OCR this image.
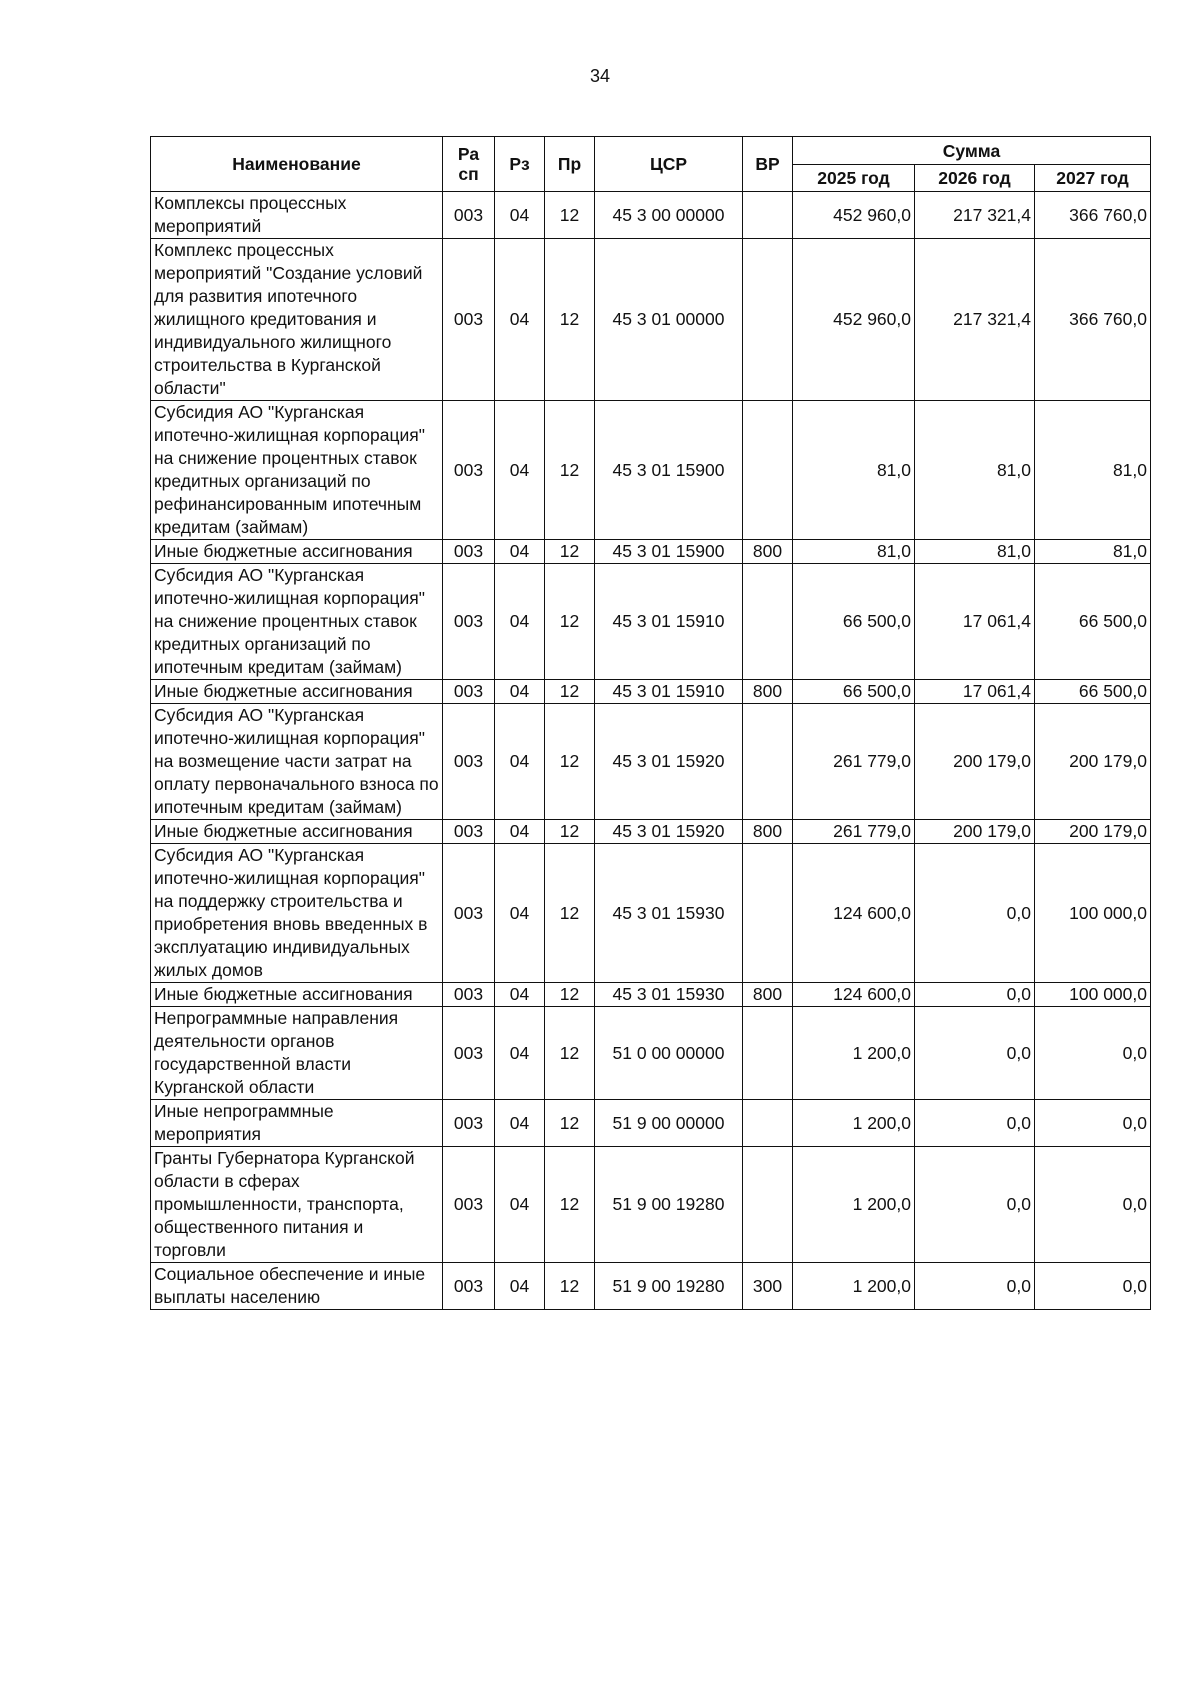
34
Наименование	Ра сп	Рз	Пр	ЦСР	ВР	Сумма		
						2025 год	2026 год	2027 год
Комплексы процессных мероприятий	003	04	12	45 3 00 00000		452 960,0	217 321,4	366 760,0
Комплекс процессных мероприятий "Создание условий для развития ипотечного жилищного кредитования и индивидуального жилищного строительства в Курганской области"	003	04	12	45 3 01 00000		452 960,0	217 321,4	366 760,0
Субсидия АО "Курганская ипотечно-жилищная корпорация" на снижение процентных ставок кредитных организаций по рефинансированным ипотечным кредитам (займам)	003	04	12	45 3 01 15900		81,0	81,0	81,0
Иные бюджетные ассигнования	003	04	12	45 3 01 15900	800	81,0	81,0	81,0
Субсидия АО "Курганская ипотечно-жилищная корпорация" на снижение процентных ставок кредитных организаций по ипотечным кредитам (займам)	003	04	12	45 3 01 15910		66 500,0	17 061,4	66 500,0
Иные бюджетные ассигнования	003	04	12	45 3 01 15910	800	66 500,0	17 061,4	66 500,0
Субсидия АО "Курганская ипотечно-жилищная корпорация" на возмещение части затрат на оплату первоначального взноса по ипотечным кредитам (займам)	003	04	12	45 3 01 15920		261 779,0	200 179,0	200 179,0
Иные бюджетные ассигнования	003	04	12	45 3 01 15920	800	261 779,0	200 179,0	200 179,0
Субсидия АО "Курганская ипотечно-жилищная корпорация" на поддержку строительства и приобретения вновь введенных в эксплуатацию индивидуальных жилых домов	003	04	12	45 3 01 15930		124 600,0	0,0	100 000,0
Иные бюджетные ассигнования	003	04	12	45 3 01 15930	800	124 600,0	0,0	100 000,0
Непрограммные направления деятельности органов государственной власти Курганской области	003	04	12	51 0 00 00000		1 200,0	0,0	0,0
Иные непрограммные мероприятия	003	04	12	51 9 00 00000		1 200,0	0,0	0,0
Гранты Губернатора Курганской области в сферах промышленности, транспорта, общественного питания и торговли	003	04	12	51 9 00 19280		1 200,0	0,0	0,0
Социальное обеспечение и иные выплаты населению	003	04	12	51 9 00 19280	300	1 200,0	0,0	0,0
